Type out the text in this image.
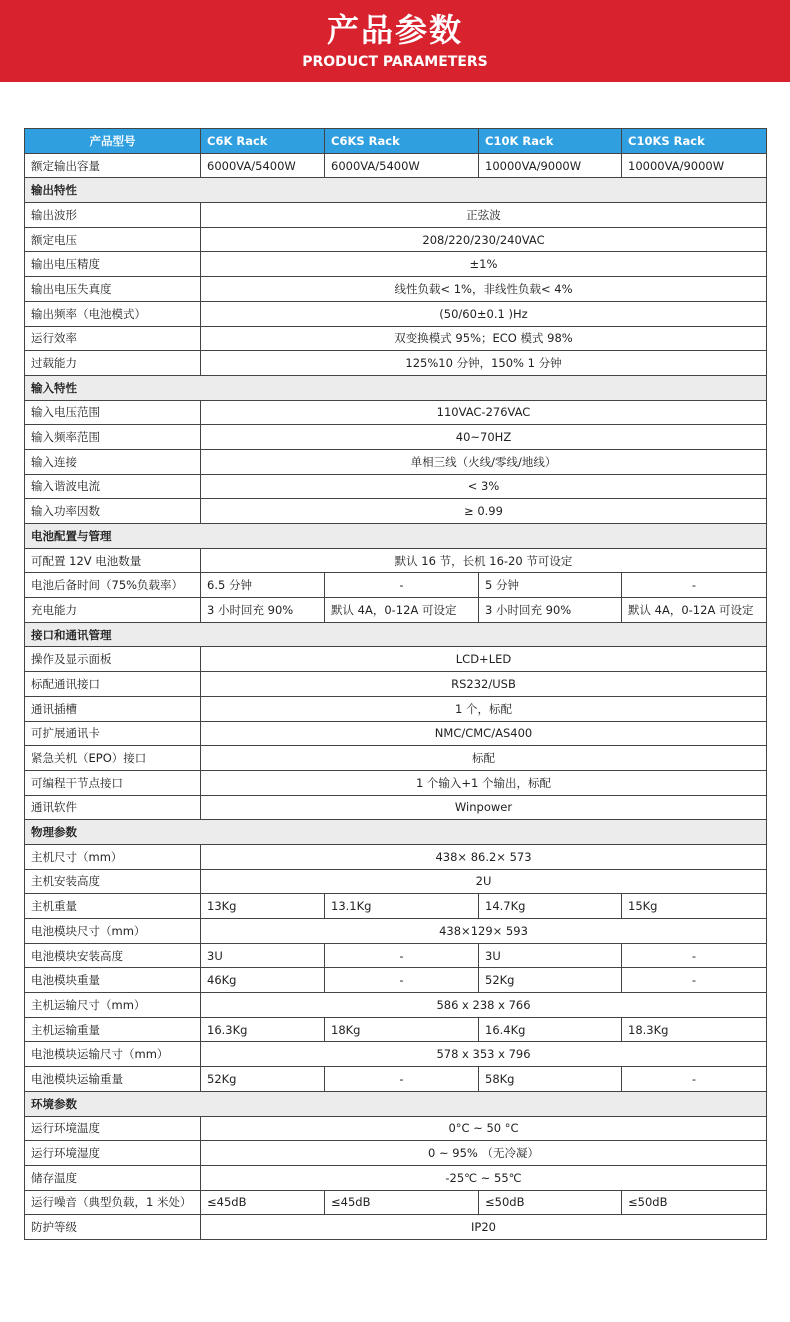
产品参数
PRODUCT PARAMETERS
产品型号	C6K Rack	C6KS Rack	C10K Rack	C10KS Rack
额定输出容量	6000VA/5400W	6000VA/5400W	10000VA/9000W	10000VA/9000W
输出特性				
输出波形	正弦波			
额定电压	208/220/230/240VAC			
输出电压精度	±1%			
输出电压失真度	线性负载< 1%，非线性负载< 4%			
输出频率（电池模式）	(50/60±0.1 )Hz			
运行效率	双变换模式 95%；ECO 模式 98%			
过载能力	125%10 分钟，150% 1 分钟			
输入特性				
输入电压范围	110VAC-276VAC			
输入频率范围	40~70HZ			
输入连接	单相三线（火线/零线/地线）			
输入谐波电流	< 3%			
输入功率因数	≥ 0.99			
电池配置与管理				
可配置 12V 电池数量	默认 16 节，长机 16-20 节可设定			
电池后备时间（75%负载率）	6.5 分钟	-	5 分钟	-
充电能力	3 小时回充 90%	默认 4A，0-12A 可设定	3 小时回充 90%	默认 4A，0-12A 可设定
接口和通讯管理				
操作及显示面板	LCD+LED			
标配通讯接口	RS232/USB			
通讯插槽	1 个，标配			
可扩展通讯卡	NMC/CMC/AS400			
紧急关机（EPO）接口	标配			
可编程干节点接口	1 个输入+1 个输出，标配			
通讯软件	Winpower			
物理参数				
主机尺寸（mm）	438× 86.2× 573			
主机安装高度	2U			
主机重量	13Kg	13.1Kg	14.7Kg	15Kg
电池模块尺寸（mm）	438×129× 593			
电池模块安装高度	3U	-	3U	-
电池模块重量	46Kg	-	52Kg	-
主机运输尺寸（mm）	586 x 238 x 766			
主机运输重量	16.3Kg	18Kg	16.4Kg	18.3Kg
电池模块运输尺寸（mm）	578 x 353 x 796			
电池模块运输重量	52Kg	-	58Kg	-
环境参数				
运行环境温度	0°C ~ 50 °C			
运行环境湿度	0 ~ 95% （无冷凝）			
储存温度	-25℃ ~ 55℃			
运行噪音（典型负载，1 米处）	≤45dB	≤45dB	≤50dB	≤50dB
防护等级	IP20			
